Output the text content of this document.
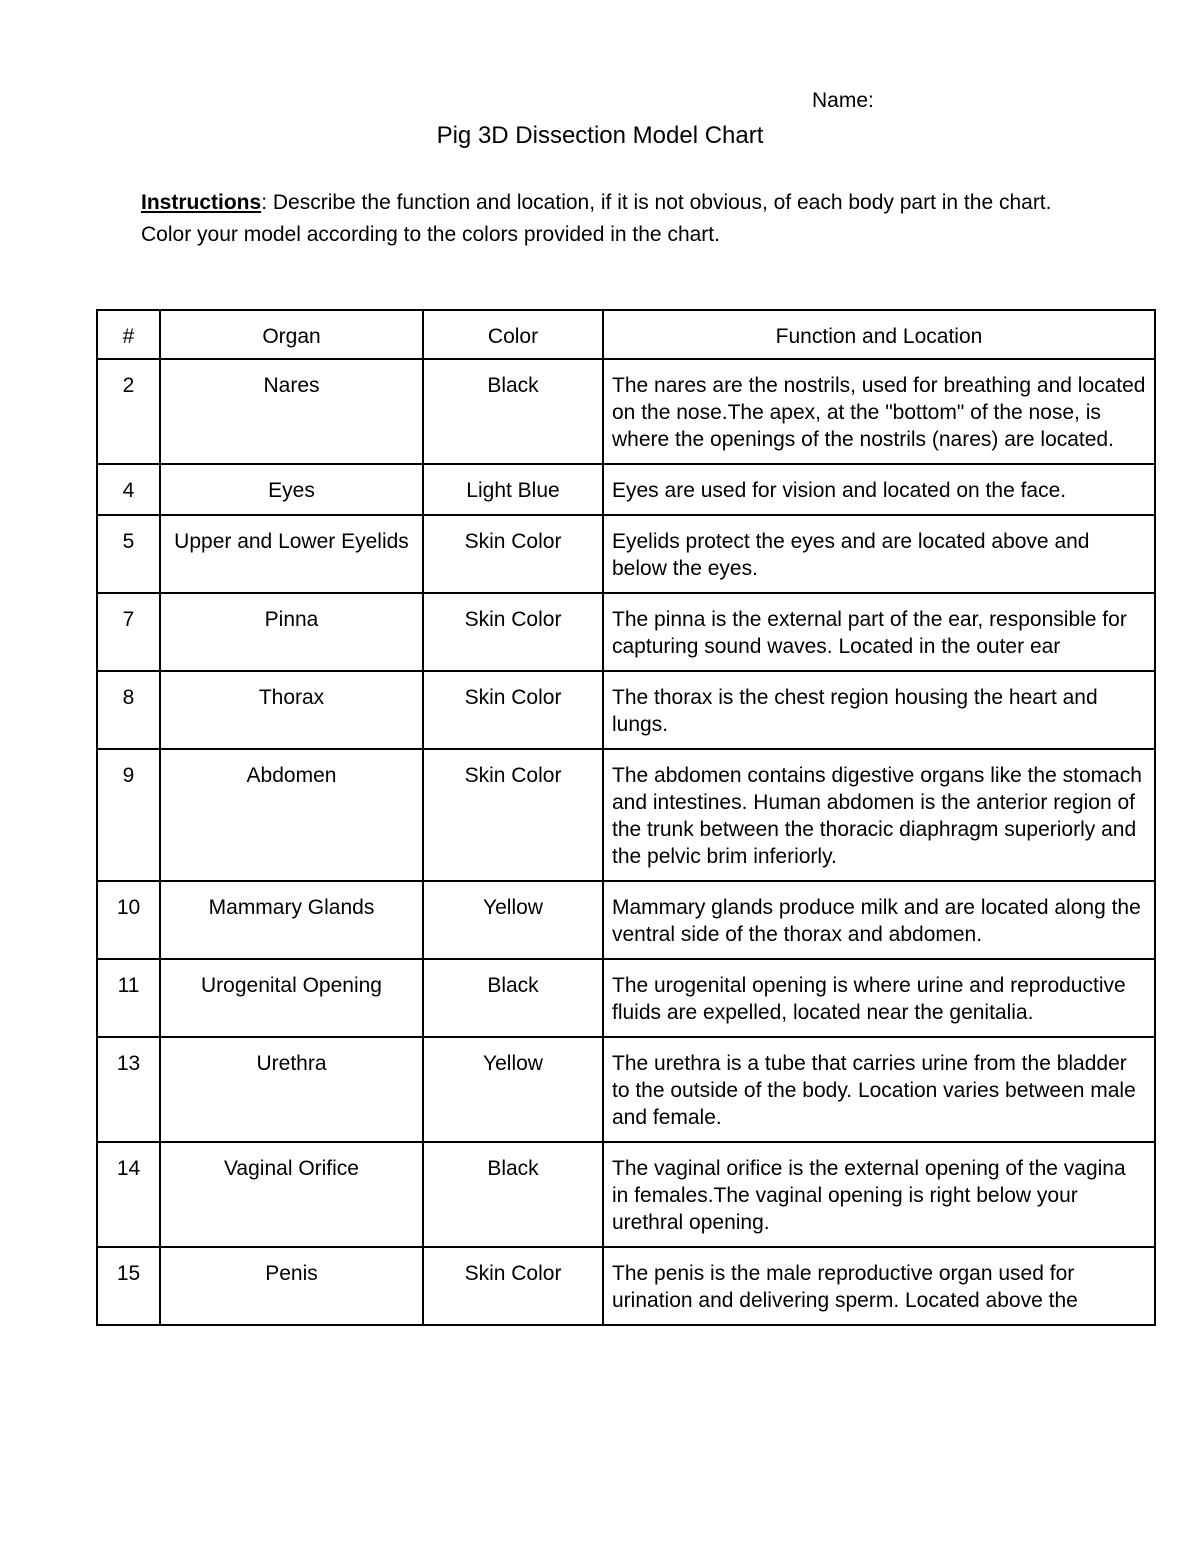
Name:
Pig 3D Dissection Model Chart
Instructions: Describe the function and location, if it is not obvious, of each body part in the chart. Color your model according to the colors provided in the chart.
#	Organ	Color	Function and Location
2	Nares	Black	The nares are the nostrils, used for breathing and located on the nose.The apex, at the "bottom" of the nose, is where the openings of the nostrils (nares) are located.
4	Eyes	Light Blue	Eyes are used for vision and located on the face.
5	Upper and Lower Eyelids	Skin Color	Eyelids protect the eyes and are located above and below the eyes.
7	Pinna	Skin Color	The pinna is the external part of the ear, responsible for capturing sound waves. Located in the outer ear
8	Thorax	Skin Color	The thorax is the chest region housing the heart and lungs.
9	Abdomen	Skin Color	The abdomen contains digestive organs like the stomach and intestines. Human abdomen is the anterior region of the trunk between the thoracic diaphragm superiorly and the pelvic brim inferiorly.
10	Mammary Glands	Yellow	Mammary glands produce milk and are located along the ventral side of the thorax and abdomen.
11	Urogenital Opening	Black	The urogenital opening is where urine and reproductive fluids are expelled, located near the genitalia.
13	Urethra	Yellow	The urethra is a tube that carries urine from the bladder to the outside of the body. Location varies between male and female.
14	Vaginal Orifice	Black	The vaginal orifice is the external opening of the vagina in females.The vaginal opening is right below your urethral opening.
15	Penis	Skin Color	The penis is the male reproductive organ used for urination and delivering sperm. Located above the
